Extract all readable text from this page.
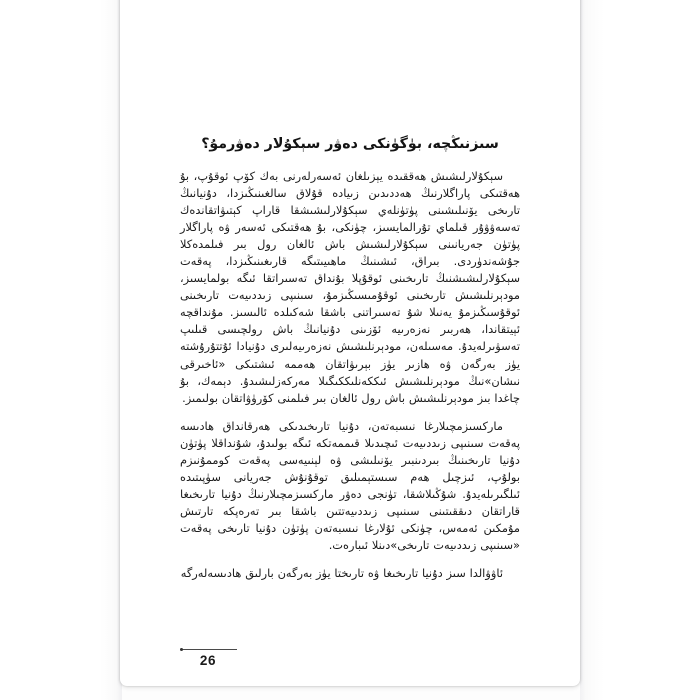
سىزنىڭچە، بۈگۈنكى دەۋر سېكۇلار دەۋرمۇ؟

سېكۇلارلىشىش ھەققىدە يېزىلغان ئەسەرلەرنى بەك كۆپ ئوقۇپ، بۇ ھەقتىكى پاراگلارنىڭ ھەددىدىن زىيادە قۇلاق سالغىنىڭىزدا، دۇنيانىڭ تارىخى يۆنىلىشىنى پۈتۈنلەي سېكۇلارلىشىشقا قاراپ كېتىۋاتقاندەك تەسەۋۋۇر قىلماي تۇرالمايسىز، چۈنكى، بۇ ھەقتىكى ئەسەر ۋە پاراگلار پۈتۈن جەريانىنى سېكۇلارلىشىش باش ئالغان رول بىر فىلمدەكلا جۇشەندۈردى. بىراق، ئىشىنىڭ ماھىيىتىگە قارىغىنىڭىزدا، پەقەت سېكۇلارلىشىشنىڭ تارىخىنى ئوقۇپلا بۇنداق تەسىراتقا ئىگە بولمايسىز، مودېرنلىشىش تارىخىنى ئوقۇمىسىڭىزمۇ، سىنىپى زىددىيەت تارىخىنى ئوقۇسىڭىزمۇ يەنىلا شۇ تەسىراتنى باشقا شەكىلدە ئالىسىز. مۇنداقچە ئېيتقاندا، ھەربىر نەزەرىيە ئۆزىنى دۇنيانىڭ باش رولچىسى قىلىپ تەسۋىرلەيدۇ. مەسىلەن، مودېرنلىشىش نەزەرىيەلىرى دۇنيادا ئۇتتۇرۇشتە يۈز بەرگەن ۋە ھازىر يۈز بېرىۋاتقان ھەممە ئىشتىكى «ئاخىرقى نىشان»نىڭ مودېرنلىشىش ئىككەنلىككىگىلا مەركەزلىشىدۇ. دېمەك، بۇ چاغدا بىز مودېرنلىشىش باش رول ئالغان بىر فىلمنى كۆرۈۋاتقان بولىمىز.

ماركسىزمچىلارغا نىسبەتەن، دۇنيا تارىخىدىكى ھەرقانداق ھادىسە پەقەت سىنىپى زىددىيەت ئىچىدىلا قىممەتكە ئىگە بولىدۇ، شۇنداقلا پۈتۈن دۇنيا تارىخىنىڭ بىردىنبىر يۆنىلىشى ۋە لېنىيەسى پەقەت كوممۇنىزم بولۇپ، ئىزچىل ھەم سىستېمىلىق توقۇنۇش جەريانى سۈپىتىدە ئىلگىرىلەيدۇ. شۇڭىلاشقا، تۈنجى دەۋر ماركسىزمچىلارنىڭ دۇنيا تارىخىغا قاراتقان دىققىتىنى سىنىپى زىددىيەتتىن باشقا بىر تەرەپكە تارتىش مۇمكىن ئەمەس، چۈنكى ئۇلارغا نىسبەتەن پۈتۈن دۇنيا تارىخى پەقەت «سىنىپى زىددىيەت تارىخى»دىنلا ئىبارەت.

ئاۋۋالدا سىز دۇنيا تارىخىغا ۋە تارىختا يۈز بەرگەن بارلىق ھادىسەلەرگە

26
